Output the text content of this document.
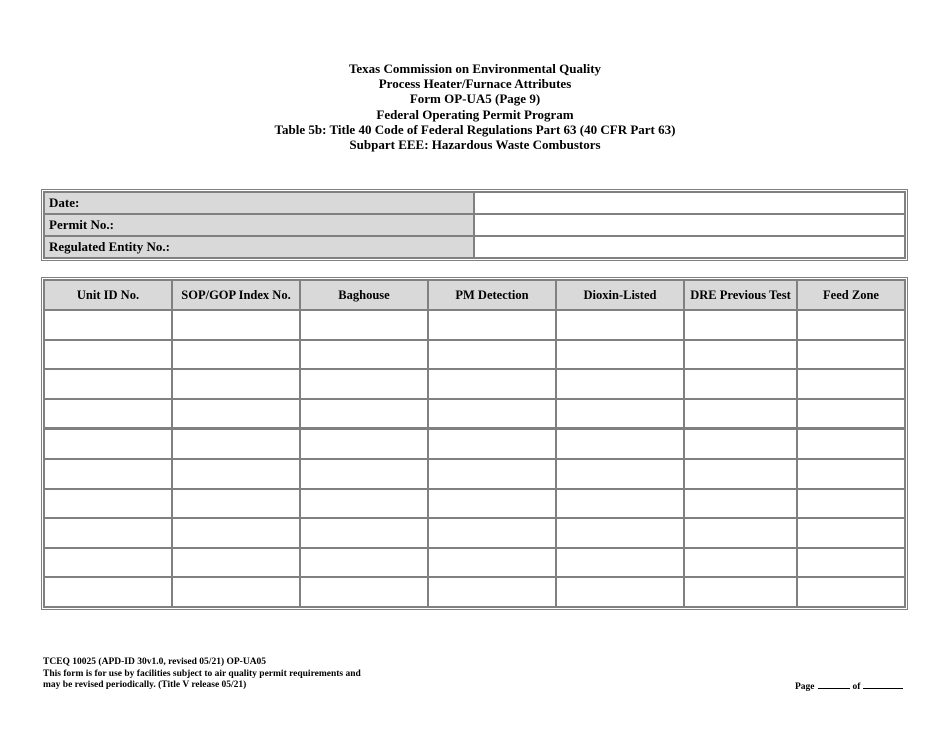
Texas Commission on Environmental Quality
Process Heater/Furnace Attributes
Form OP-UA5 (Page 9)
Federal Operating Permit Program
Table 5b: Title 40 Code of Federal Regulations Part 63 (40 CFR Part 63)
Subpart EEE: Hazardous Waste Combustors
Date:	
Permit No.:	
Regulated Entity No.:	
Unit ID No.	SOP/GOP Index No.	Baghouse	PM Detection	Dioxin-Listed	DRE Previous Test	Feed Zone

TCEQ 10025 (APD-ID 30v1.0, revised 05/21) OP-UA05
This form is for use by facilities subject to air quality permit requirements and
may be revised periodically. (Title V release 05/21)	Page	of
